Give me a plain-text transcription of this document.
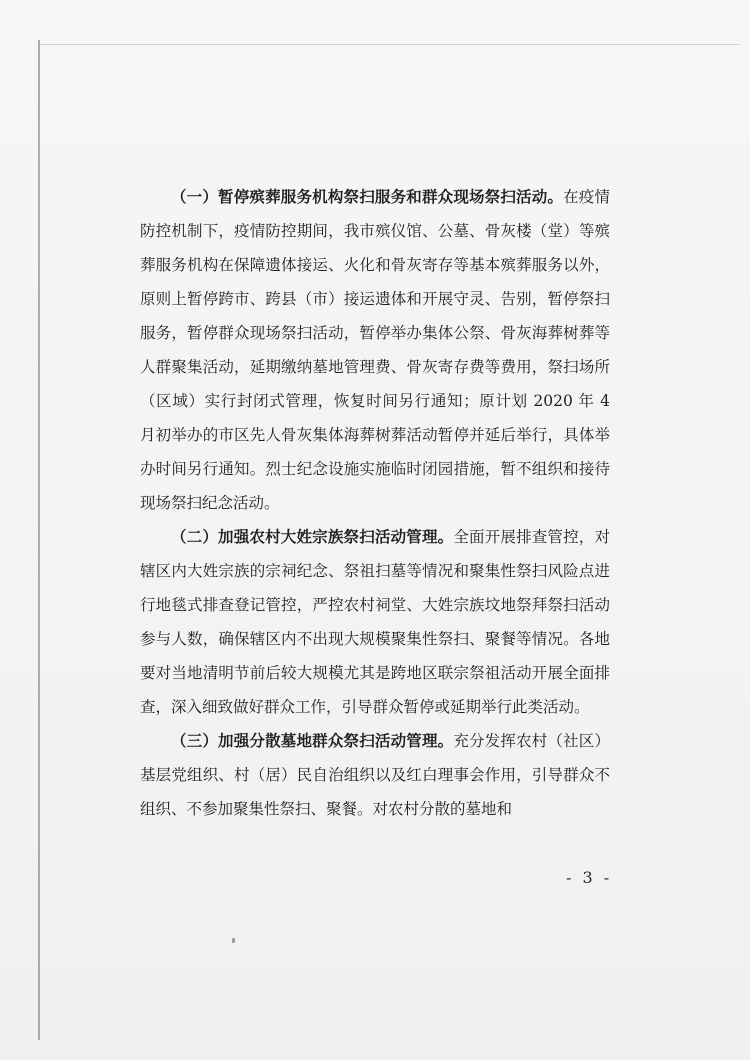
（一）暂停殡葬服务机构祭扫服务和群众现场祭扫活动。在疫情防控机制下，疫情防控期间，我市殡仪馆、公墓、骨灰楼（堂）等殡葬服务机构在保障遗体接运、火化和骨灰寄存等基本殡葬服务以外，原则上暂停跨市、跨县（市）接运遗体和开展守灵、告别，暂停祭扫服务，暂停群众现场祭扫活动，暂停举办集体公祭、骨灰海葬树葬等人群聚集活动，延期缴纳墓地管理费、骨灰寄存费等费用，祭扫场所（区域）实行封闭式管理，恢复时间另行通知；原计划 2020 年 4 月初举办的市区先人骨灰集体海葬树葬活动暂停并延后举行，具体举办时间另行通知。烈士纪念设施实施临时闭园措施，暂不组织和接待现场祭扫纪念活动。

（二）加强农村大姓宗族祭扫活动管理。全面开展排查管控，对辖区内大姓宗族的宗祠纪念、祭祖扫墓等情况和聚集性祭扫风险点进行地毯式排查登记管控，严控农村祠堂、大姓宗族坟地祭拜祭扫活动参与人数，确保辖区内不出现大规模聚集性祭扫、聚餐等情况。各地要对当地清明节前后较大规模尤其是跨地区联宗祭祖活动开展全面排查，深入细致做好群众工作，引导群众暂停或延期举行此类活动。

（三）加强分散墓地群众祭扫活动管理。充分发挥农村（社区）基层党组织、村（居）民自治组织以及红白理事会作用，引导群众不组织、不参加聚集性祭扫、聚餐。对农村分散的墓地和

- 3 -
